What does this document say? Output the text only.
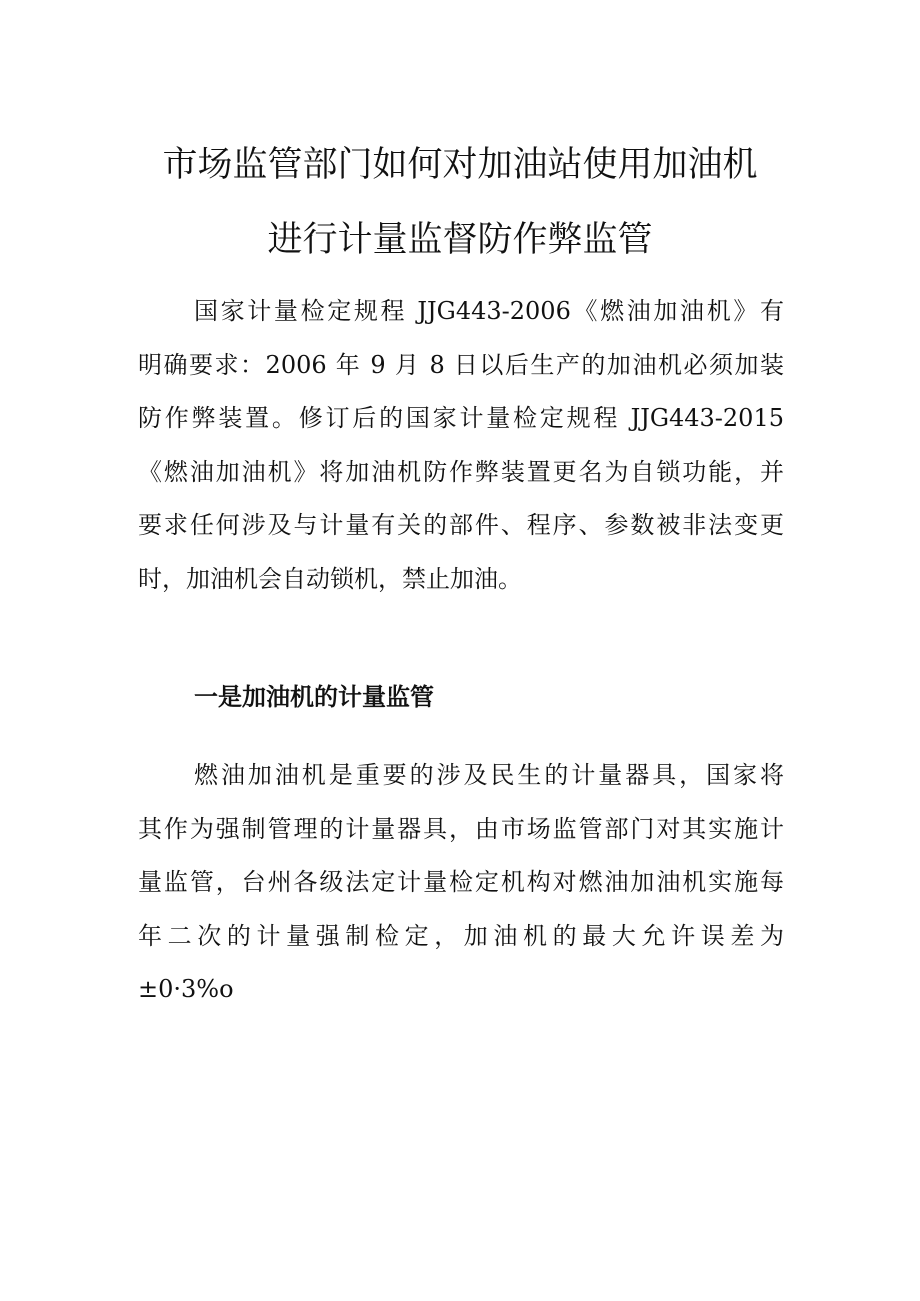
市场监管部门如何对加油站使用加油机
进行计量监督防作弊监管
国家计量检定规程 JJG443-2006《燃油加油机》有
明确要求：2006 年 9 月 8 日以后生产的加油机必须加装
防作弊装置。修订后的国家计量检定规程 JJG443-2015
《燃油加油机》将加油机防作弊装置更名为自锁功能，并
要求任何涉及与计量有关的部件、程序、参数被非法变更
时，加油机会自动锁机，禁止加油。
一是加油机的计量监管
燃油加油机是重要的涉及民生的计量器具，国家将
其作为强制管理的计量器具，由市场监管部门对其实施计
量监管，台州各级法定计量检定机构对燃油加油机实施每
年二次的计量强制检定，加油机的最大允许误差为
±0·3%o
